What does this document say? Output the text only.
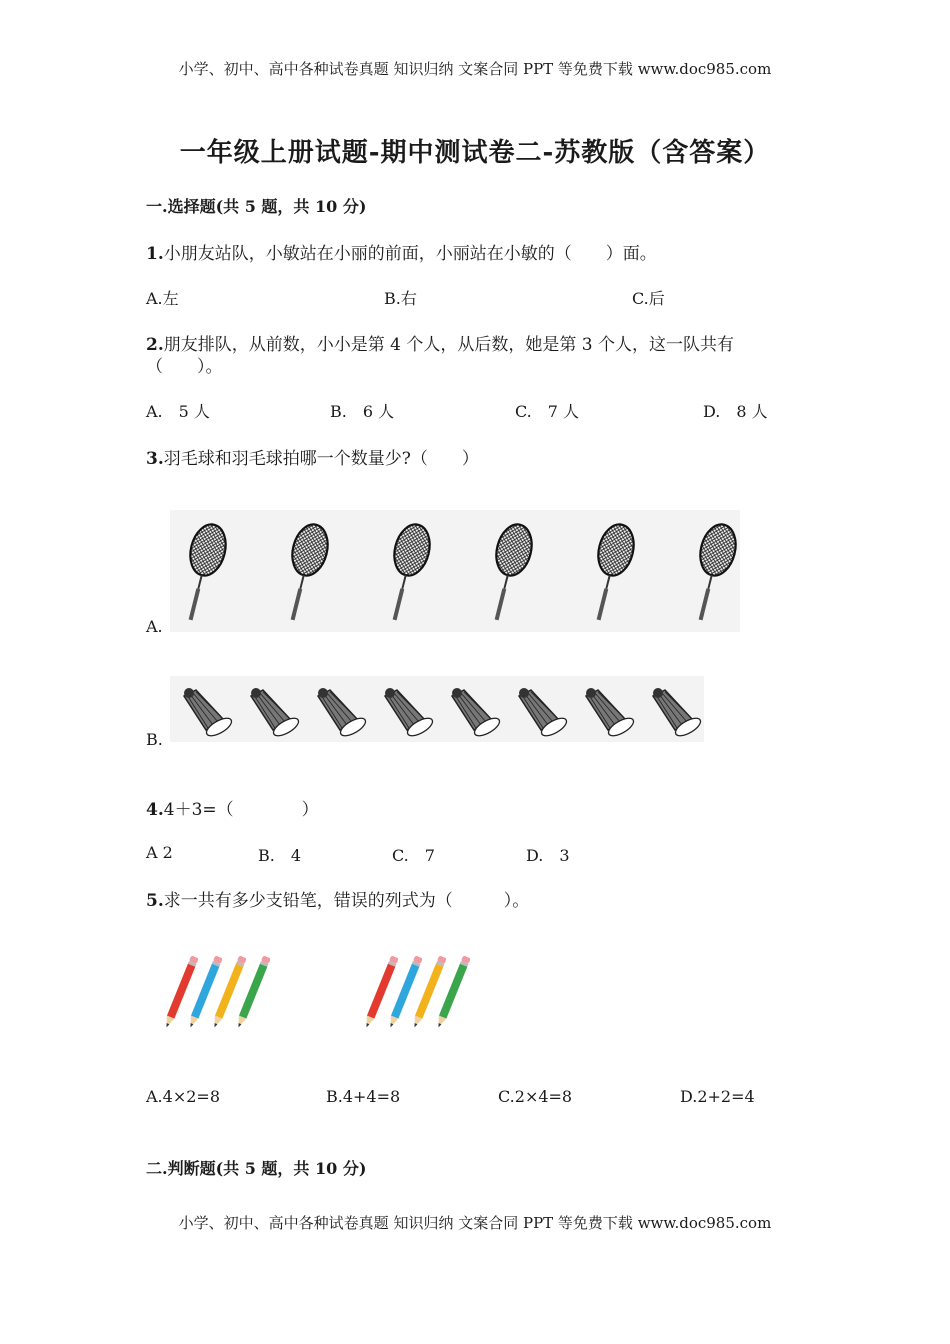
小学、初中、高中各种试卷真题 知识归纳 文案合同 PPT 等免费下载 www.doc985.com
一年级上册试题-期中测试卷二-苏教版（含答案）
一.选择题(共 5 题，共 10 分)
1.小朋友站队，小敏站在小丽的前面，小丽站在小敏的（　　）面。
A.左	B.右	C.后
2.朋友排队，从前数，小小是第 4 个人，从后数，她是第 3 个人，这一队共有
（　　）。
A.　5 人	B.　6 人	C.　7 人	D.　8 人
3.羽毛球和羽毛球拍哪一个数量少?（　　）
A.
B.
4.4＋3=（　　　　）
A 2	B.　4	C.　7	D.　3
5.求一共有多少支铅笔，错误的列式为（　　　）。
A.4×2=8	B.4+4=8	C.2×4=8	D.2+2=4
二.判断题(共 5 题，共 10 分)
小学、初中、高中各种试卷真题 知识归纳 文案合同 PPT 等免费下载 www.doc985.com
